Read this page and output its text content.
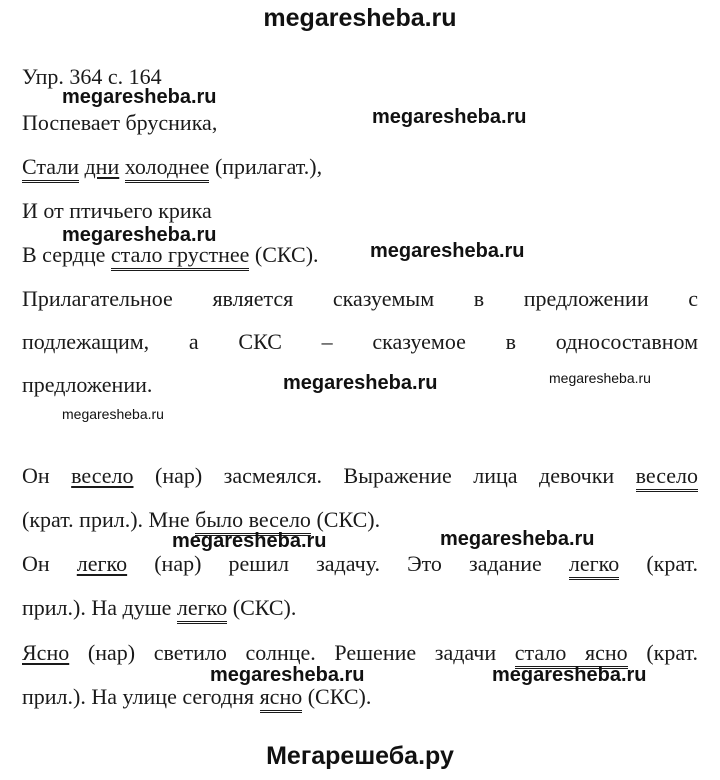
megaresheba.ru
Упр. 364 с. 164
megaresheba.ru
Поспевает брусника,	megaresheba.ru
Стали дни холоднее (прилагат.),
И от птичьего крика
megaresheba.ru
В сердце стало грустнее (СКС).	megaresheba.ru
Прилагательное является сказуемым в предложении с
подлежащим, а СКС – сказуемое в односоставном
предложении.	megaresheba.ru	megaresheba.ru
megaresheba.ru
Он весело (нар) засмеялся. Выражение лица девочки весело
(крат. прил.). Мне было весело (СКС).
megaresheba.ru	megaresheba.ru
Он легко (нар) решил задачу. Это задание легко (крат.
прил.). На душе легко (СКС).
Ясно (нар) светило солнце. Решение задачи стало ясно (крат.
megaresheba.ru	megaresheba.ru
прил.). На улице сегодня ясно (СКС).
Мегарешеба.ру
